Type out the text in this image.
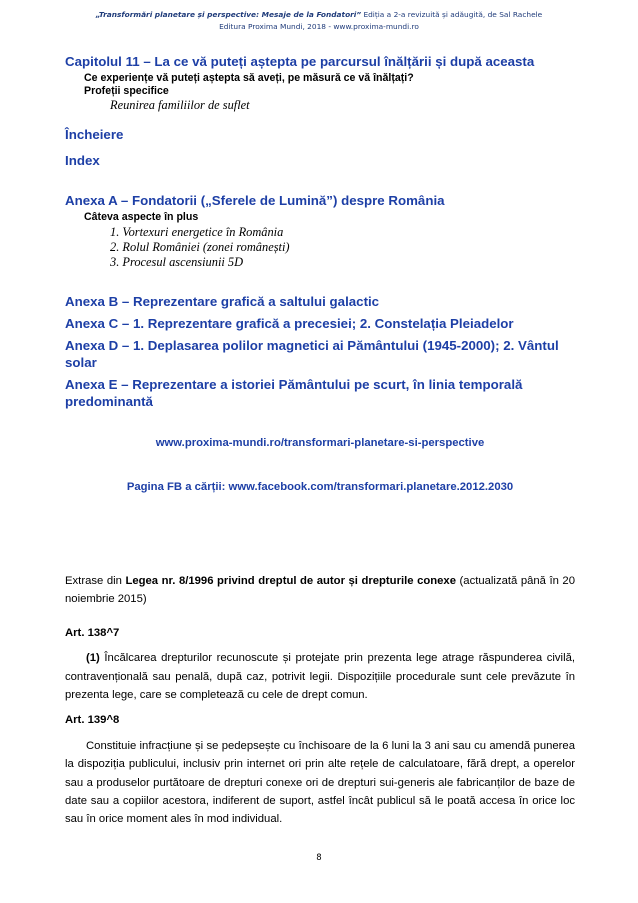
„Transformări planetare și perspective: Mesaje de la Fondatori” Ediția a 2-a revizuită și adăugită, de Sal Rachele
Editura Proxima Mundi, 2018 - www.proxima-mundi.ro

Capitolul 11 – La ce vă puteți aștepta pe parcursul înălțării și după aceasta

Ce experiențe vă puteți aștepta să aveți, pe măsură ce vă înălțați?

Profeții specifice

Reunirea familiilor de suflet

Încheiere

Index

Anexa A – Fondatorii („Sferele de Lumină”) despre România

Câteva aspecte în plus

1. Vortexuri energetice în România

2. Rolul României (zonei românești)

3. Procesul ascensiunii 5D

Anexa B – Reprezentare grafică a saltului galactic

Anexa C – 1. Reprezentare grafică a precesiei; 2. Constelația Pleiadelor

Anexa D – 1. Deplasarea polilor magnetici ai Pământului (1945-2000); 2. Vântul solar

Anexa E – Reprezentare a istoriei Pământului pe scurt, în linia temporală predominantă

www.proxima-mundi.ro/transformari-planetare-si-perspective
Pagina FB a cărții: www.facebook.com/transformari.planetare.2012.2030

Extrase din Legea nr. 8/1996 privind dreptul de autor și drepturile conexe (actualizată până în 20 noiembrie 2015)

Art. 138^7

(1) Încălcarea drepturilor recunoscute și protejate prin prezenta lege atrage răspunderea civilă, contravențională sau penală, după caz, potrivit legii. Dispozițiile procedurale sunt cele prevăzute în prezenta lege, care se completează cu cele de drept comun.

Art. 139^8

Constituie infracțiune și se pedepsește cu închisoare de la 6 luni la 3 ani sau cu amendă punerea la dispoziția publicului, inclusiv prin internet ori prin alte rețele de calculatoare, fără drept, a operelor sau a produselor purtătoare de drepturi conexe ori de drepturi sui-generis ale fabricanților de baze de date sau a copiilor acestora, indiferent de suport, astfel încât publicul să le poată accesa în orice loc sau în orice moment ales în mod individual.

8
